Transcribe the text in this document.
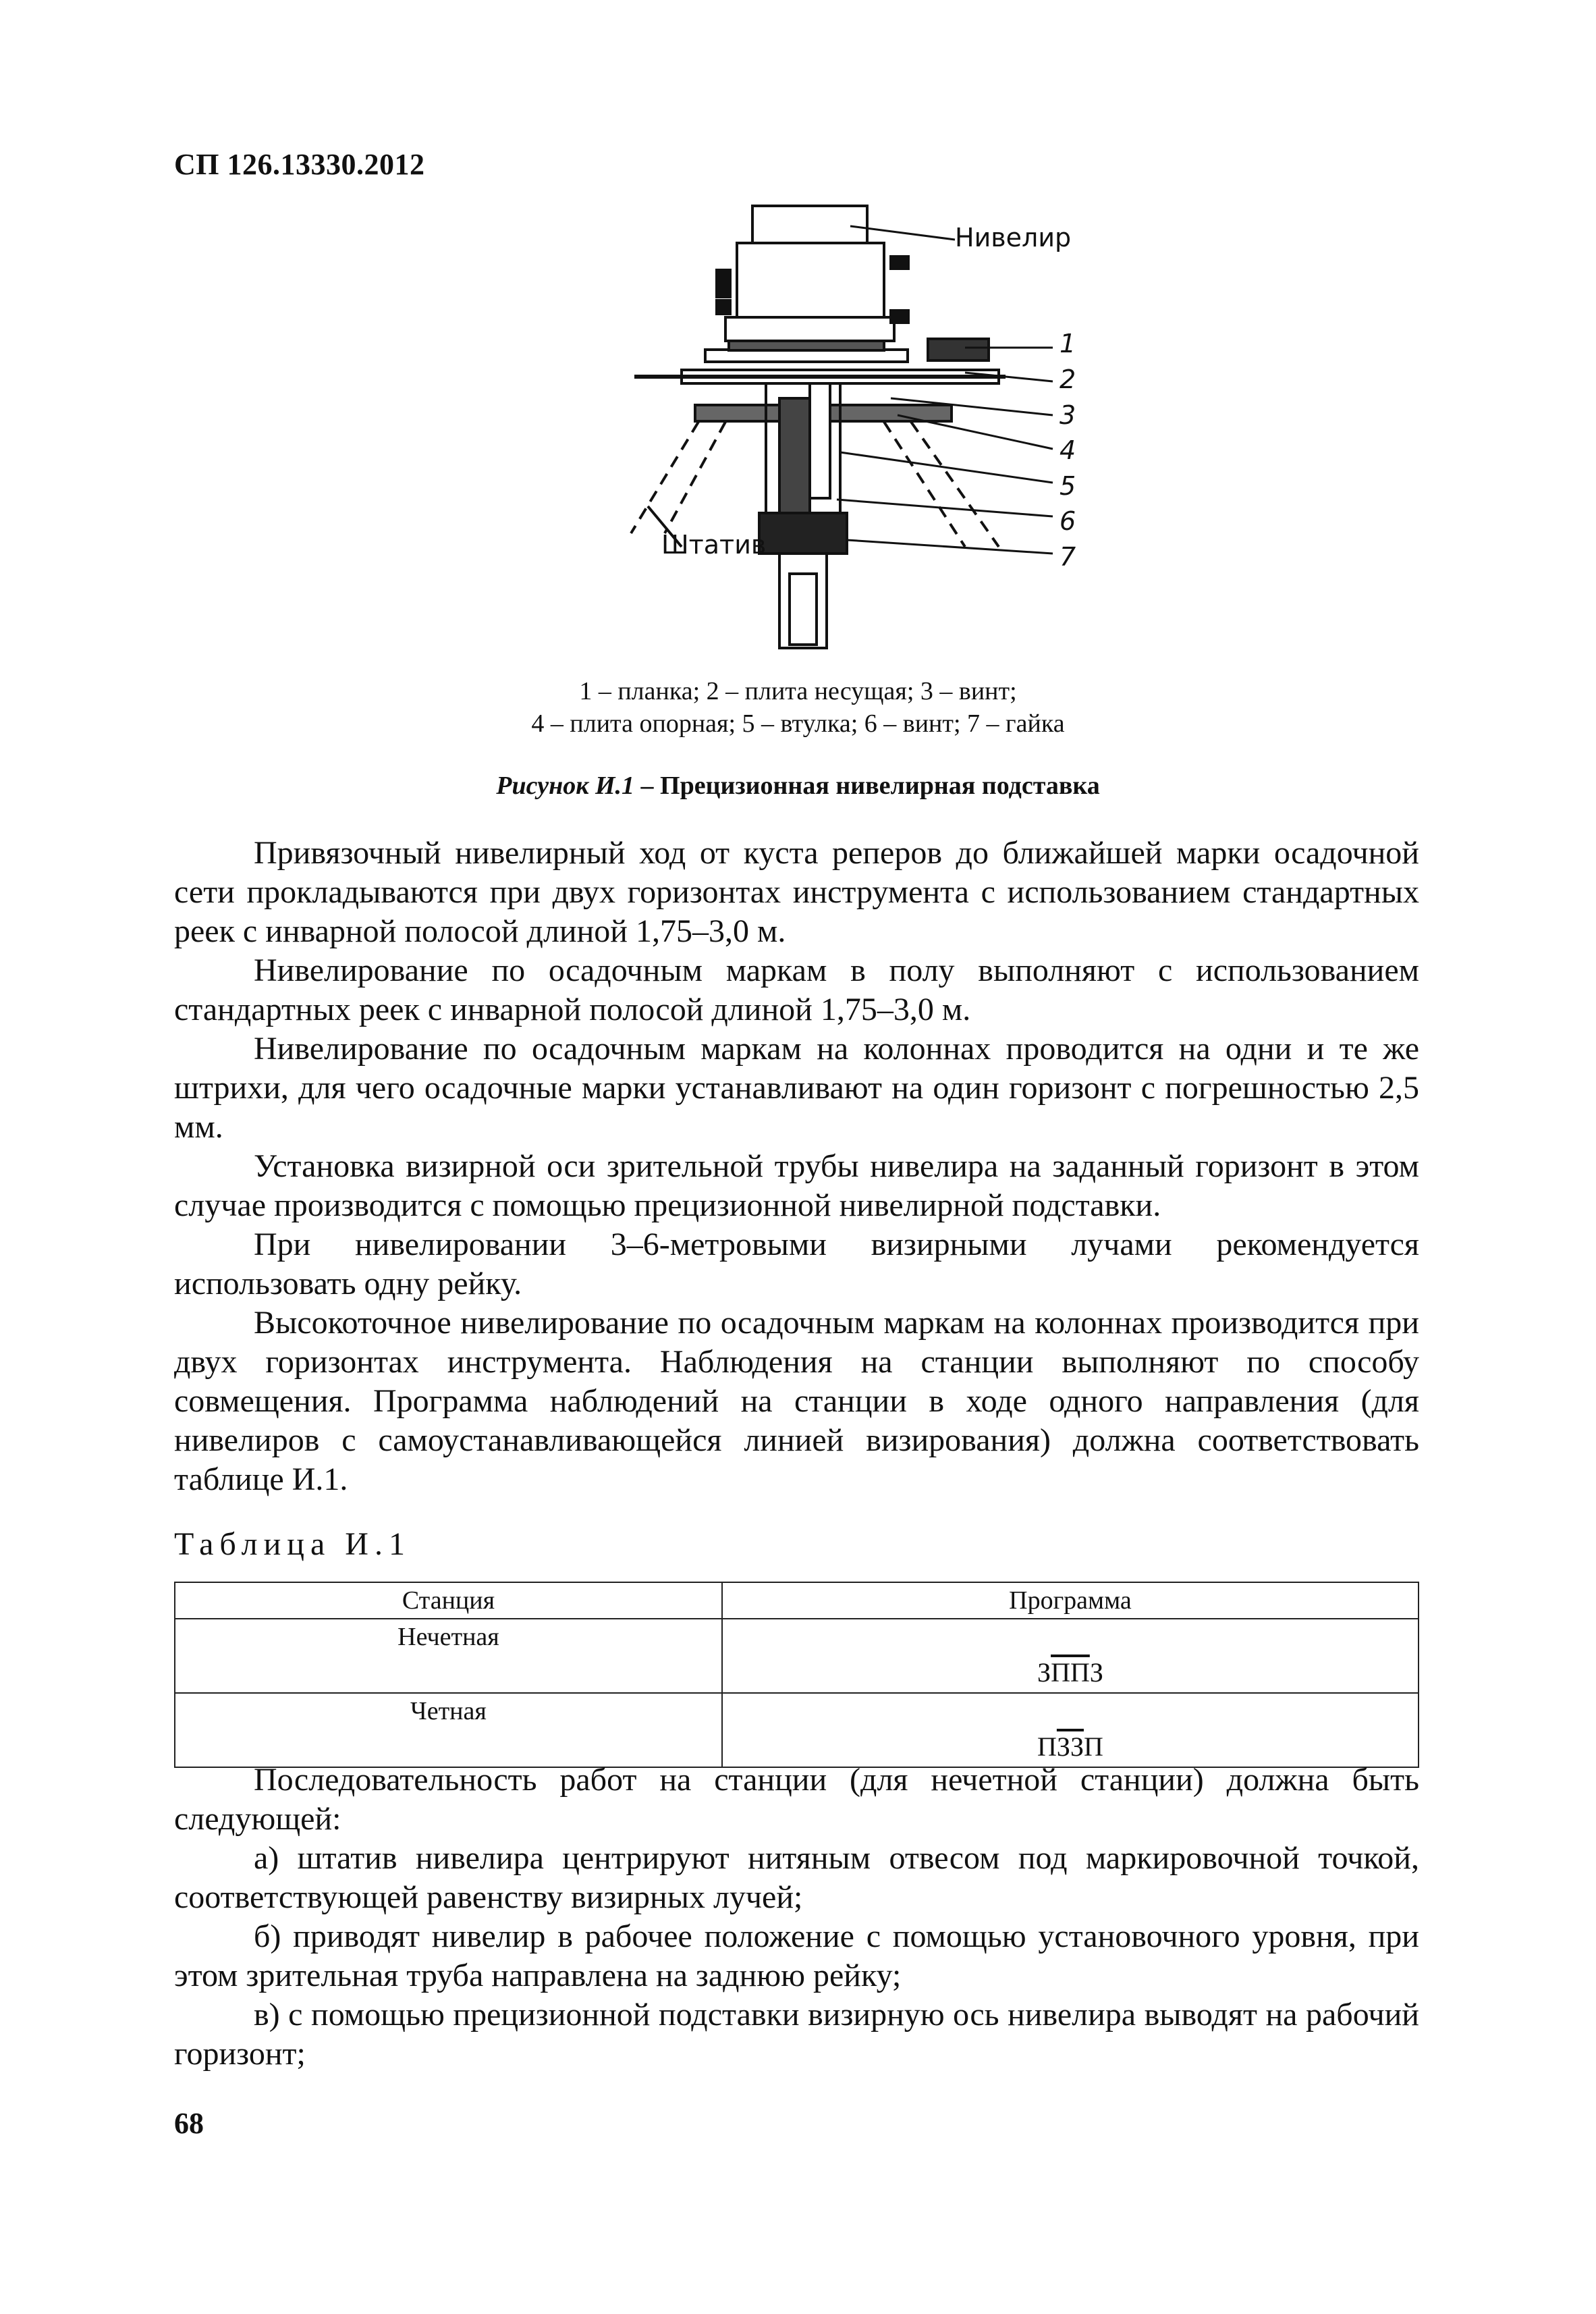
СП 126.13330.2012
Нивелир
Штатив
1
2
3
4
5
6
7
1 – планка; 2 – плита несущая; 3 – винт;
4 – плита опорная; 5 – втулка; 6 – винт; 7 – гайка
Рисунок И.1 – Прецизионная нивелирная подставка

Привязочный нивелирный ход от куста реперов до ближайшей марки осадочной сети прокладываются при двух горизонтах инструмента с использованием стандартных реек с инварной полосой длиной 1,75–3,0 м.

Нивелирование по осадочным маркам в полу выполняют с использованием стандартных реек с инварной полосой длиной 1,75–3,0 м.

Нивелирование по осадочным маркам на колоннах проводится на одни и те же штрихи, для чего осадочные марки устанавливают на один горизонт с погрешностью 2,5 мм.

Установка визирной оси зрительной трубы нивелира на заданный горизонт в этом случае производится с помощью прецизионной нивелирной подставки.

При нивелировании 3–6-метровыми визирными лучами рекомендуется использовать одну рейку.

Высокоточное нивелирование по осадочным маркам на колоннах производится при двух горизонтах инструмента. Наблюдения на станции выполняют по способу совмещения. Программа наблюдений на станции в ходе одного направления (для нивелиров с самоустанавливающейся линией визирования) должна соответствовать таблице И.1.

Таблица И.1
Станция	Программа
Нечетная	ЗППЗ

Четная	ПЗЗП

Последовательность работ на станции (для нечетной станции) должна быть следующей:

а) штатив нивелира центрируют нитяным отвесом под маркировочной точкой, соответствующей равенству визирных лучей;

б) приводят нивелир в рабочее положение с помощью установочного уровня, при этом зрительная труба направлена на заднюю рейку;

в) с помощью прецизионной подставки визирную ось нивелира выводят на рабочий горизонт;

68
